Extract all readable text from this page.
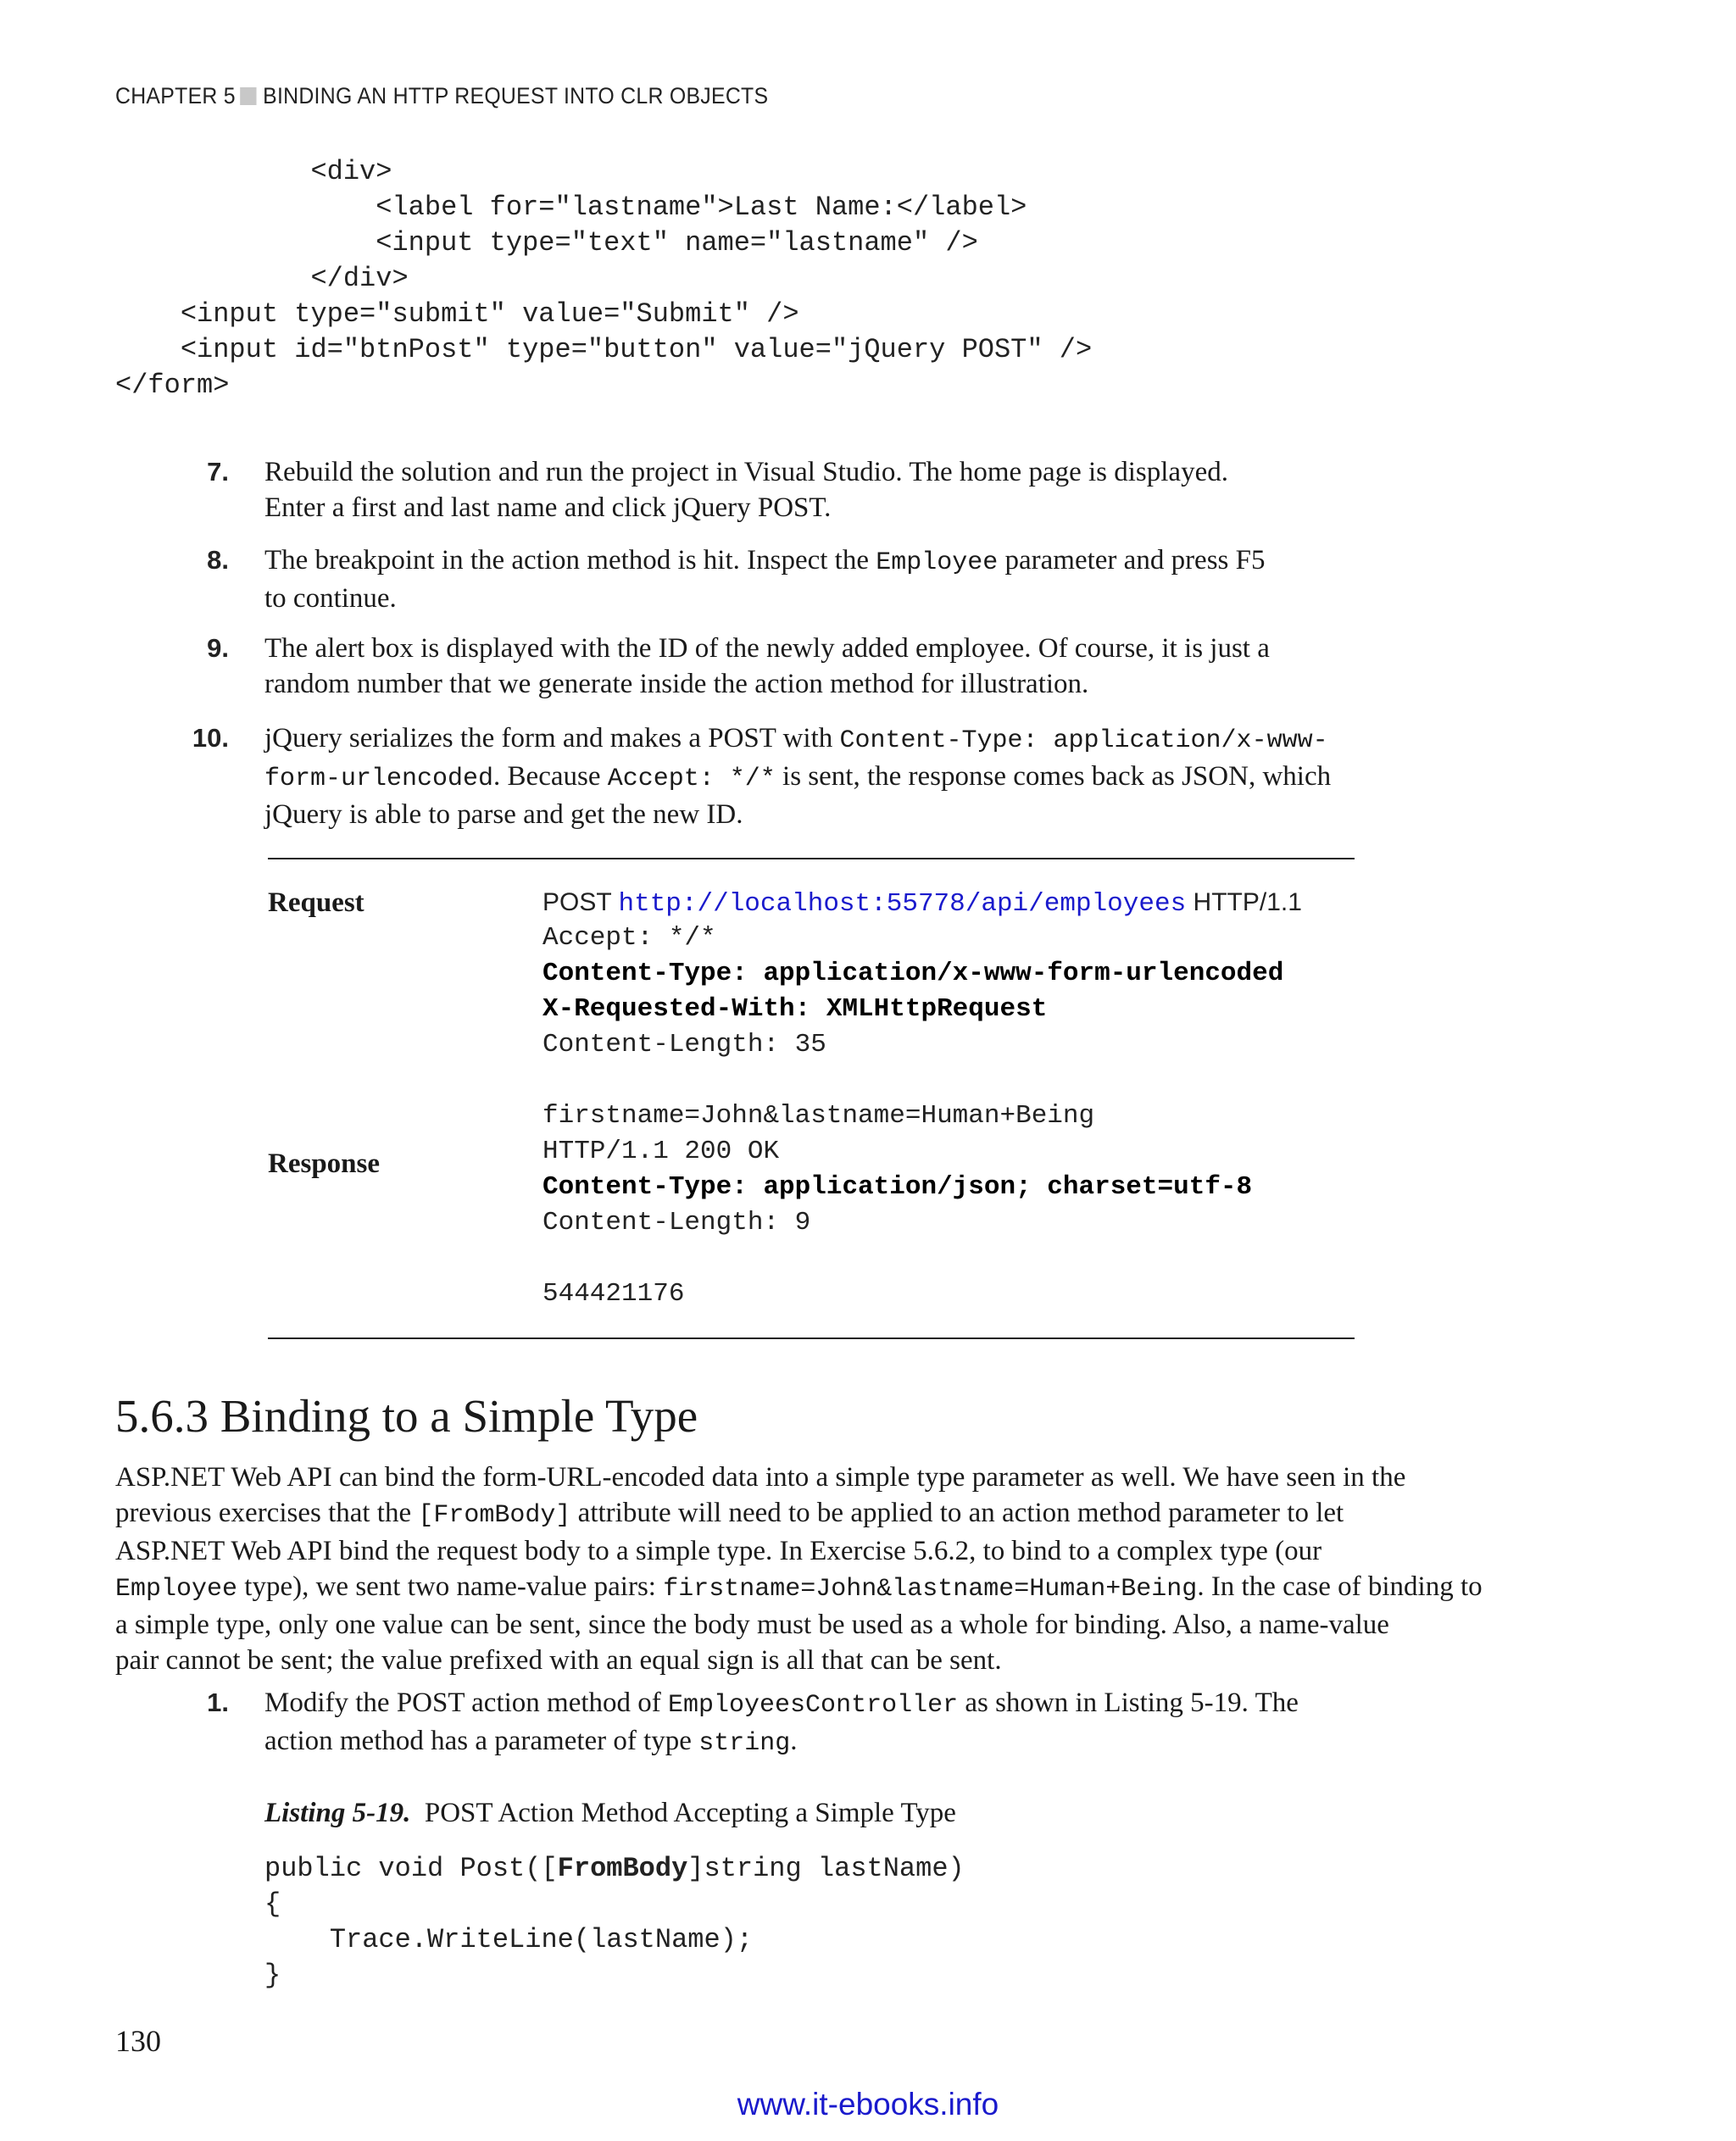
CHAPTER 5 BINDING AN HTTP REQUEST INTO CLR OBJECTS
<div>
<label for="lastname">Last Name:</label>
<input type="text" name="lastname" />
</div>
<input type="submit" value="Submit" />
<input id="btnPost" type="button" value="jQuery POST" />
</form>
7. Rebuild the solution and run the project in Visual Studio. The home page is displayed.
Enter a first and last name and click jQuery POST.
8. The breakpoint in the action method is hit. Inspect the Employee parameter and press F5
to continue.
9. The alert box is displayed with the ID of the newly added employee. Of course, it is just a
random number that we generate inside the action method for illustration.
10. jQuery serializes the form and makes a POST with Content-Type: application/x-www-
form-urlencoded. Because Accept: */* is sent, the response comes back as JSON, which
jQuery is able to parse and get the new ID.
Request
Response
POST http://localhost:55778/api/employees HTTP/1.1
Accept: */*
Content-Type: application/x-www-form-urlencoded
X-Requested-With: XMLHttpRequest
Content-Length: 35
firstname=John&lastname=Human+Being
HTTP/1.1 200 OK
Content-Type: application/json; charset=utf-8
Content-Length: 9
544421176
5.6.3 Binding to a Simple Type
ASP.NET Web API can bind the form-URL-encoded data into a simple type parameter as well. We have seen in the
previous exercises that the [FromBody] attribute will need to be applied to an action method parameter to let
ASP.NET Web API bind the request body to a simple type. In Exercise 5.6.2, to bind to a complex type (our
Employee type), we sent two name-value pairs: firstname=John&lastname=Human+Being. In the case of binding to
a simple type, only one value can be sent, since the body must be used as a whole for binding. Also, a name-value
pair cannot be sent; the value prefixed with an equal sign is all that can be sent.
1. Modify the POST action method of EmployeesController as shown in Listing 5-19. The
action method has a parameter of type string.
Listing 5-19. POST Action Method Accepting a Simple Type
public void Post([FromBody]string lastName)
{
Trace.WriteLine(lastName);
}
130
www.it-ebooks.info
